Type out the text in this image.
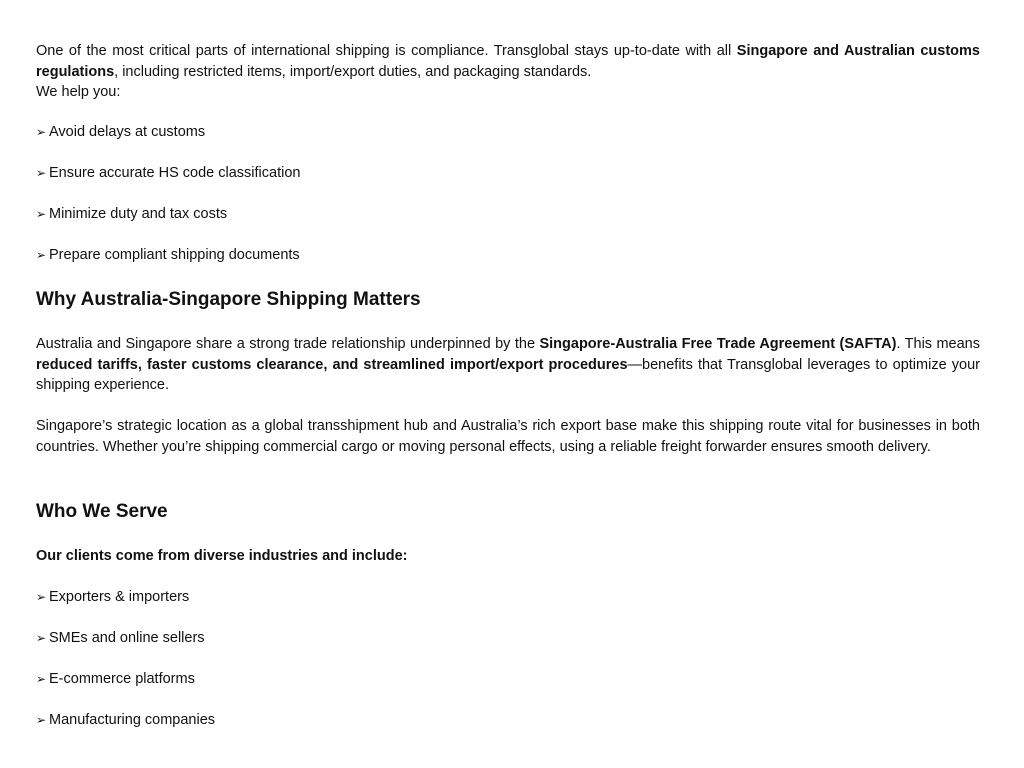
One of the most critical parts of international shipping is compliance. Transglobal stays up-to-date with all Singapore and Australian customs regulations, including restricted items, import/export duties, and packaging standards.

We help you:

➢ Avoid delays at customs
➢ Ensure accurate HS code classification
➢ Minimize duty and tax costs
➢ Prepare compliant shipping documents
Why Australia-Singapore Shipping Matters

Australia and Singapore share a strong trade relationship underpinned by the Singapore-Australia Free Trade Agreement (SAFTA). This means reduced tariffs, faster customs clearance, and streamlined import/export procedures—benefits that Transglobal leverages to optimize your shipping experience.

Singapore’s strategic location as a global transshipment hub and Australia’s rich export base make this shipping route vital for businesses in both countries. Whether you’re shipping commercial cargo or moving personal effects, using a reliable freight forwarder ensures smooth delivery.

Who We Serve
Our clients come from diverse industries and include:
➢ Exporters & importers
➢ SMEs and online sellers
➢ E-commerce platforms
➢ Manufacturing companies
